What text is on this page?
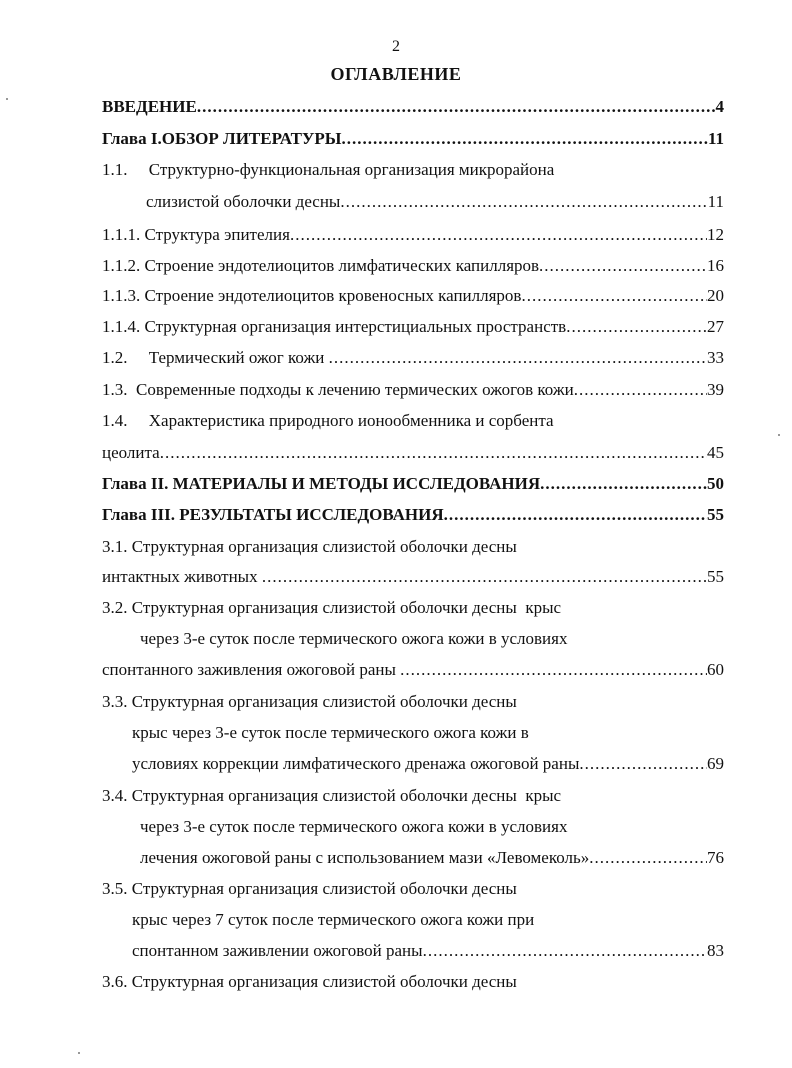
2
ОГЛАВЛЕНИЕ
ВВЕДЕНИЕ .....	4
Глава I.ОБЗОР ЛИТЕРАТУРЫ .....	11
1.1.     Структурно-функциональная организация микрорайона
слизистой оболочки десны .....	11
1.1.1. Структура эпителия .....	12
1.1.2. Строение эндотелиоцитов лимфатических капилляров .....	16
1.1.3. Строение эндотелиоцитов кровеносных капилляров .....	20
1.1.4. Структурная организация интерстициальных пространств .....	27
1.2.     Термический ожог кожи .....	33
1.3.  Современные подходы к лечению термических ожогов кожи .....	39
1.4.     Характеристика природного ионообменника и сорбента
цеолита .....	45
Глава II. МАТЕРИАЛЫ И МЕТОДЫ ИССЛЕДОВАНИЯ .....	50
Глава III. РЕЗУЛЬТАТЫ ИССЛЕДОВАНИЯ .....	55
3.1. Структурная организация слизистой оболочки десны
интактных животных .....	55
3.2. Структурная организация слизистой оболочки десны  крыс
через 3-е суток после термического ожога кожи в условиях
спонтанного заживления ожоговой раны .....	60
3.3. Структурная организация слизистой оболочки десны
крыс через 3-е суток после термического ожога кожи в
условиях коррекции лимфатического дренажа ожоговой раны .....	69
3.4. Структурная организация слизистой оболочки десны  крыс
через 3-е суток после термического ожога кожи в условиях
лечения ожоговой раны с использованием мази «Левомеколь» .....	76
3.5. Структурная организация слизистой оболочки десны
крыс через 7 суток после термического ожога кожи при
спонтанном заживлении ожоговой раны .....	83
3.6. Структурная организация слизистой оболочки десны
